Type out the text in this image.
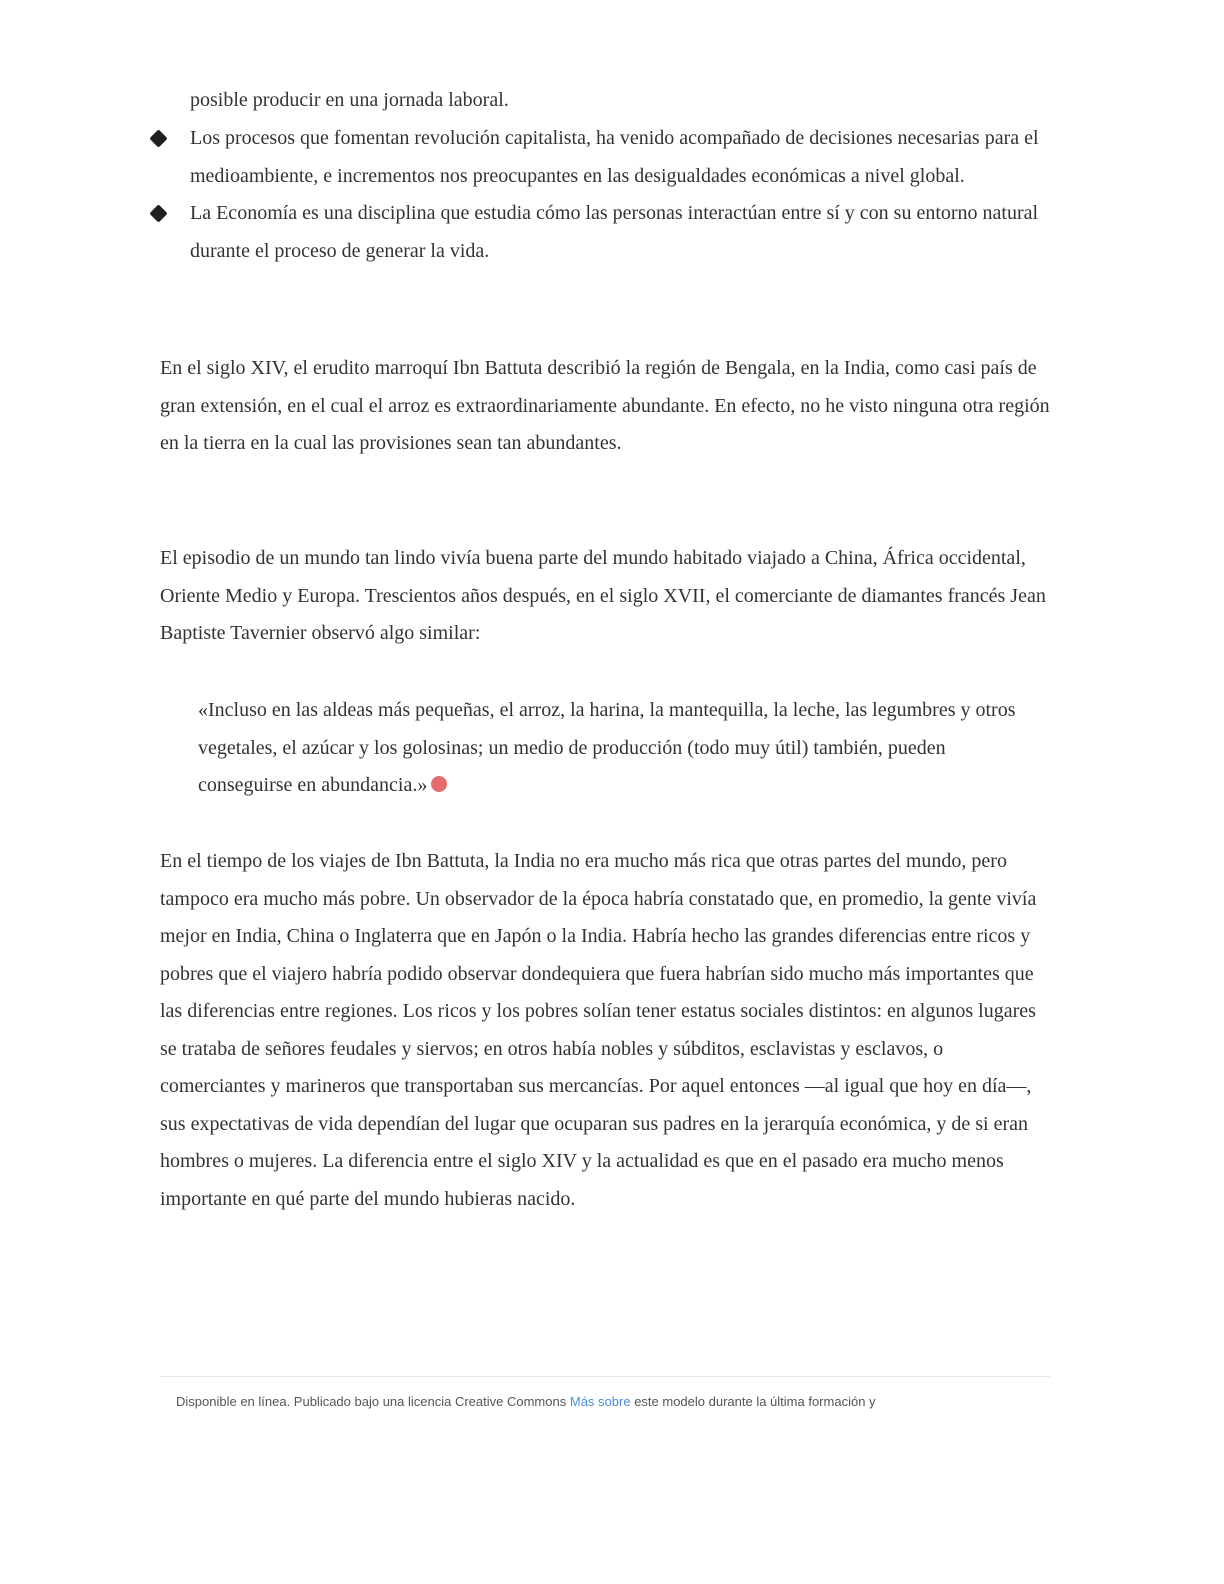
posible producir en una jornada laboral.
Los procesos que fomentan revolución capitalista, ha venido acompañado de decisiones necesarias para el medioambiente, e incrementos nos preocupantes en las desigualdades económicas a nivel global.
La Economía es una disciplina que estudia cómo las personas interactúan entre sí y con su entorno natural durante el proceso de generar la vida.

En el siglo XIV, el erudito marroquí Ibn Battuta describió la región de Bengala, en la India, como casi país de gran extensión, en el cual el arroz es extraordinariamente abundante. En efecto, no he visto ninguna otra región en la tierra en la cual las provisiones sean tan abundantes.

El episodio de un mundo tan lindo vivía buena parte del mundo habitado viajado a China, África occidental, Oriente Medio y Europa. Trescientos años después, en el siglo XVII, el comerciante de diamantes francés Jean Baptiste Tavernier observó algo similar:

«Incluso en las aldeas más pequeñas, el arroz, la harina, la mantequilla, la leche, las legumbres y otros vegetales, el azúcar y los golosinas; un medio de producción (todo muy útil) también, pueden conseguirse en abundancia.»

En el tiempo de los viajes de Ibn Battuta, la India no era mucho más rica que otras partes del mundo, pero tampoco era mucho más pobre. Un observador de la época habría constatado que, en promedio, la gente vivía mejor en India, China o Inglaterra que en Japón o la India. Habría hecho las grandes diferencias entre ricos y pobres que el viajero habría podido observar dondequiera que fuera habrían sido mucho más importantes que las diferencias entre regiones. Los ricos y los pobres solían tener estatus sociales distintos: en algunos lugares se trataba de señores feudales y siervos; en otros había nobles y súbditos, esclavistas y esclavos, o comerciantes y marineros que transportaban sus mercancías. Por aquel entonces —al igual que hoy en día—, sus expectativas de vida dependían del lugar que ocuparan sus padres en la jerarquía económica, y de si eran hombres o mujeres. La diferencia entre el siglo XIV y la actualidad es que en el pasado era mucho menos importante en qué parte del mundo hubieras nacido.

Disponible en línea. Publicado bajo una licencia Creative Commons Más sobre este modelo durante la última formación y
